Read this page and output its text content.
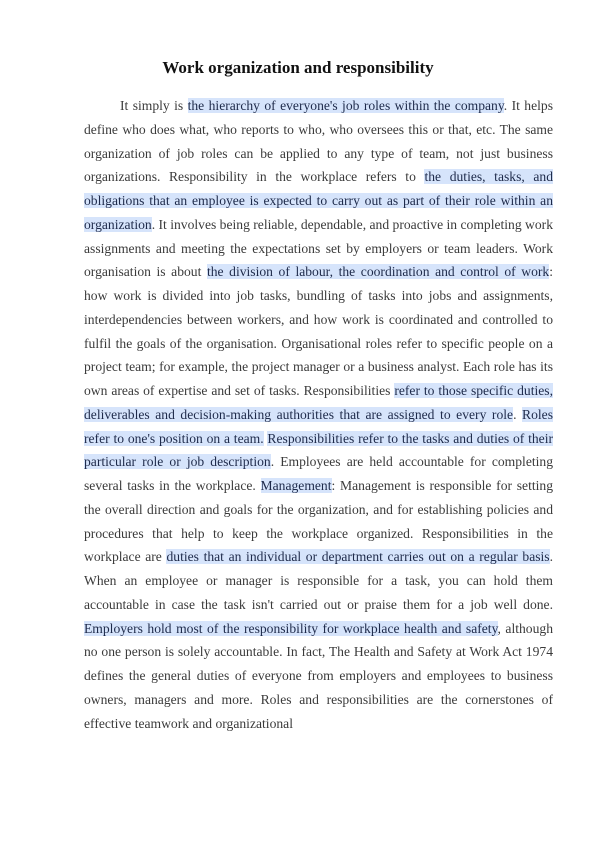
Work organization and responsibility

It simply is the hierarchy of everyone's job roles within the company. It helps define who does what, who reports to who, who oversees this or that, etc. The same organization of job roles can be applied to any type of team, not just business organizations. Responsibility in the workplace refers to the duties, tasks, and obligations that an employee is expected to carry out as part of their role within an organization. It involves being reliable, dependable, and proactive in completing work assignments and meeting the expectations set by employers or team leaders. Work organisation is about the division of labour, the coordination and control of work: how work is divided into job tasks, bundling of tasks into jobs and assignments, interdependencies between workers, and how work is coordinated and controlled to fulfil the goals of the organisation. Organisational roles refer to specific people on a project team; for example, the project manager or a business analyst. Each role has its own areas of expertise and set of tasks. Responsibilities refer to those specific duties, deliverables and decision-making authorities that are assigned to every role. Roles refer to one's position on a team. Responsibilities refer to the tasks and duties of their particular role or job description. Employees are held accountable for completing several tasks in the workplace. Management: Management is responsible for setting the overall direction and goals for the organization, and for establishing policies and procedures that help to keep the workplace organized. Responsibilities in the workplace are duties that an individual or department carries out on a regular basis. When an employee or manager is responsible for a task, you can hold them accountable in case the task isn't carried out or praise them for a job well done. Employers hold most of the responsibility for workplace health and safety, although no one person is solely accountable. In fact, The Health and Safety at Work Act 1974 defines the general duties of everyone from employers and employees to business owners, managers and more. Roles and responsibilities are the cornerstones of effective teamwork and organizational
